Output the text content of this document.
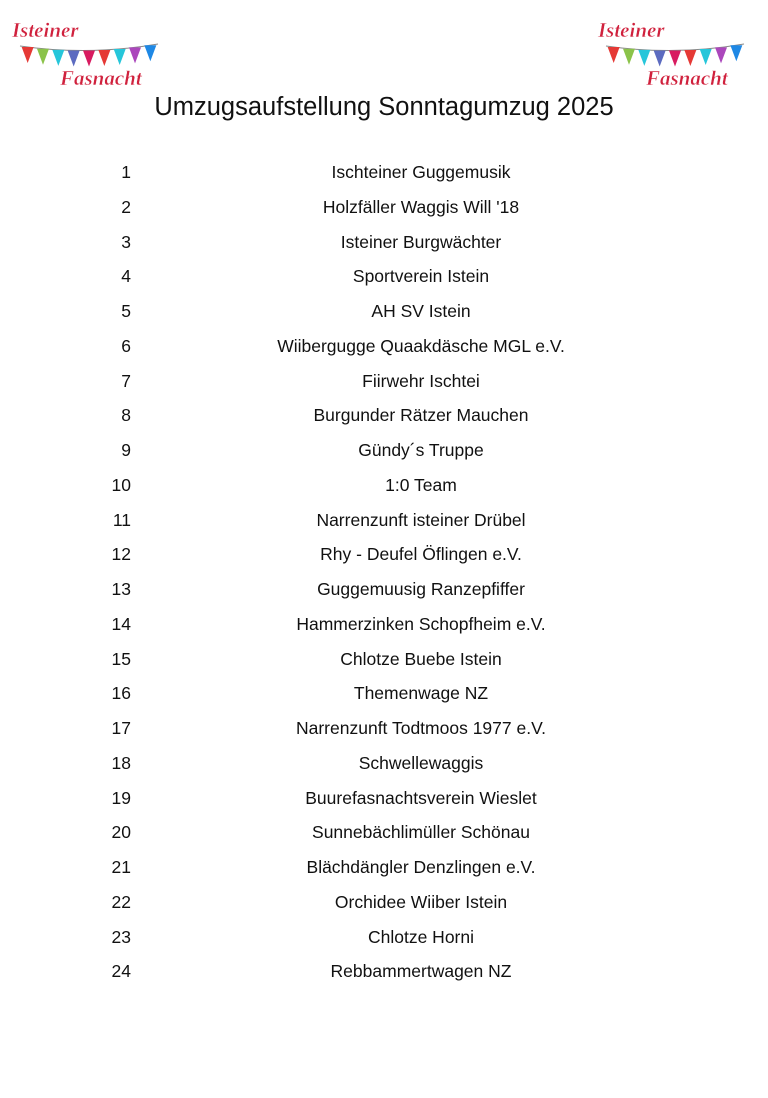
Isteiner
Fasnacht
Isteiner
Fasnacht
Umzugsaufstellung Sonntagumzug 2025
1	Ischteiner Guggemusik
2	Holzfäller Waggis Will '18
3	Isteiner Burgwächter
4	Sportverein Istein
5	AH SV Istein
6	Wiibergugge Quaakdäsche MGL e.V.
7	Fiirwehr Ischtei
8	Burgunder Rätzer Mauchen
9	Gündy´s Truppe
10	1:0 Team
11	Narrenzunft isteiner Drübel
12	Rhy - Deufel Öflingen e.V.
13	Guggemuusig Ranzepfiffer
14	Hammerzinken Schopfheim e.V.
15	Chlotze Buebe Istein
16	Themenwage NZ
17	Narrenzunft Todtmoos 1977 e.V.
18	Schwellewaggis
19	Buurefasnachtsverein Wieslet
20	Sunnebächlimüller Schönau
21	Blächdängler Denzlingen e.V.
22	Orchidee Wiiber Istein
23	Chlotze Horni
24	Rebbammertwagen NZ
